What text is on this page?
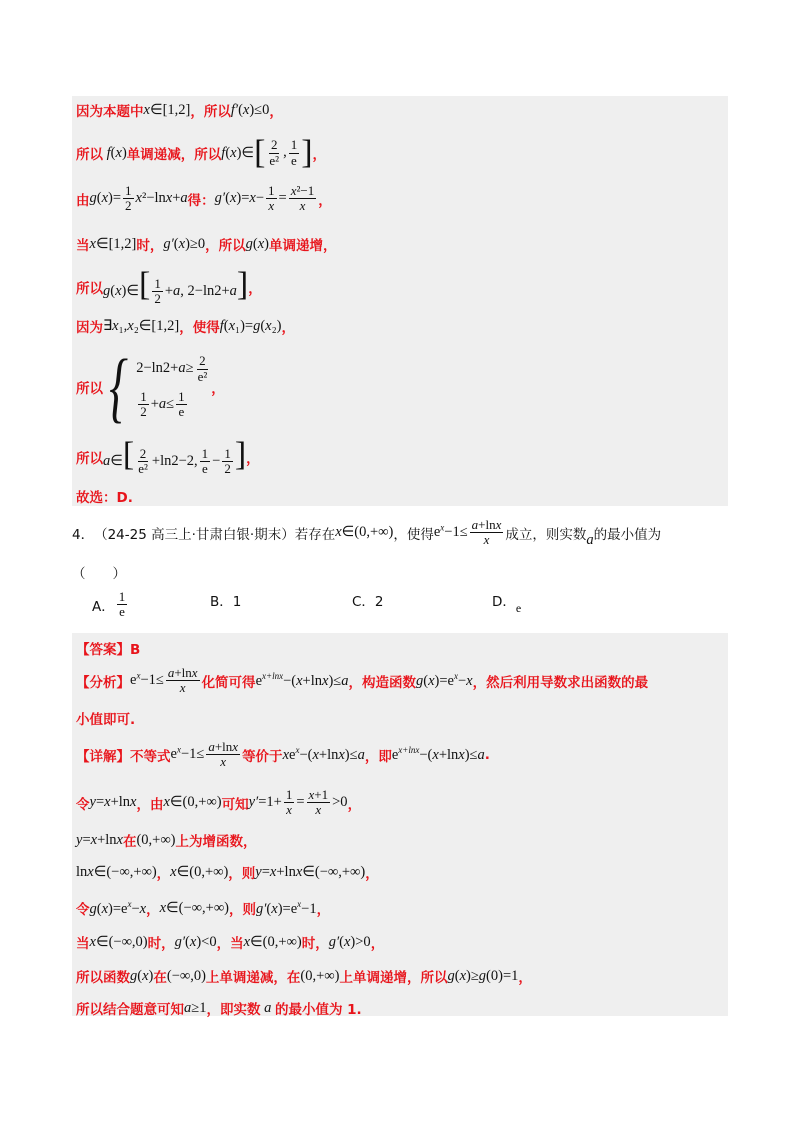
因为本题中 x∈[1,2] ，所以 f′(x)≤0 ，
所以 f(x) 单调递减，所以 f(x)∈ [ $\frac{2}{\text{e²}}$ , $\frac{1}{e}$ ] ，
由 $g(x)= \frac{1}{2} x^2-\ln x+a$ 得： $g'(x)=x- \frac{1}{x} = \frac{\text{x²−1}}{x}$ ，
当 x∈[1,2] 时， g′(x)≥0 ，所以 g(x) 单调递增，
所以 g(x)∈[ $\frac{1}{2} +a$, 2−ln2+a] ，
因为 ∃x₁,x₂∈[1,2] ，使得 f(x₁)=g(x₂) ，
所以 { $2-\ln 2+a\ge \frac{2}{\text{e²}}$
$\frac{1}{2} +a\le \frac{1}{e}$
，
所以 a∈[ $\frac{2}{\text{e²}} +\ln 2-2$, $\frac{1}{e} - \frac{1}{2}$ ] ，
故选：D.
4． （24-25 高三上·甘肃白银·期末）若存在 x∈(0,+∞) ，使得 $e^x-1\le \frac{a+\ln x}{x}$ 成立，则实数 a 的最小值为
（　　）
A． $\frac{1}{e}$	B．1	C．2	D． e
【答案】B
【分析】 $e^x-1\le \frac{a+\ln x}{x}$ 化简可得 $e^{x+lnx}-(x+\ln x)\le a$ ，构造函数 $g(x)=e^x-x$ ，然后利用导数求出函数的最
小值即可.
【详解】不等式 $e^x-1\le \frac{a+\ln x}{x}$ 等价于 $xe^x-(x+\ln x)\le a$ ，即 $e^{x+lnx}-(x+\ln x)\le a$ .
令 y=x+lnx ，由 x∈(0,+∞) 可知 $y'=1+ \frac{1}{x} = \frac{x+1}{x} >0$ ，
y=x+lnx 在 (0,+∞) 上为增函数，
lnx∈(−∞,+∞) ， x∈(0,+∞) ，则 y=x+lnx∈(−∞,+∞) ，
令 $g(x)=e^x-x$ ， x∈(−∞,+∞) ，则 $g'(x)=e^x-1$ ，
当 x∈(−∞,0) 时， g′(x)<0 ，当 x∈(0,+∞) 时， g′(x)>0 ，
所以函数 g(x) 在 (−∞,0) 上单调递减，在 (0,+∞) 上单调递增，所以 g(x)≥g(0)=1 ，
所以结合题意可知 a≥1 ，即实数 a 的最小值为 1.
